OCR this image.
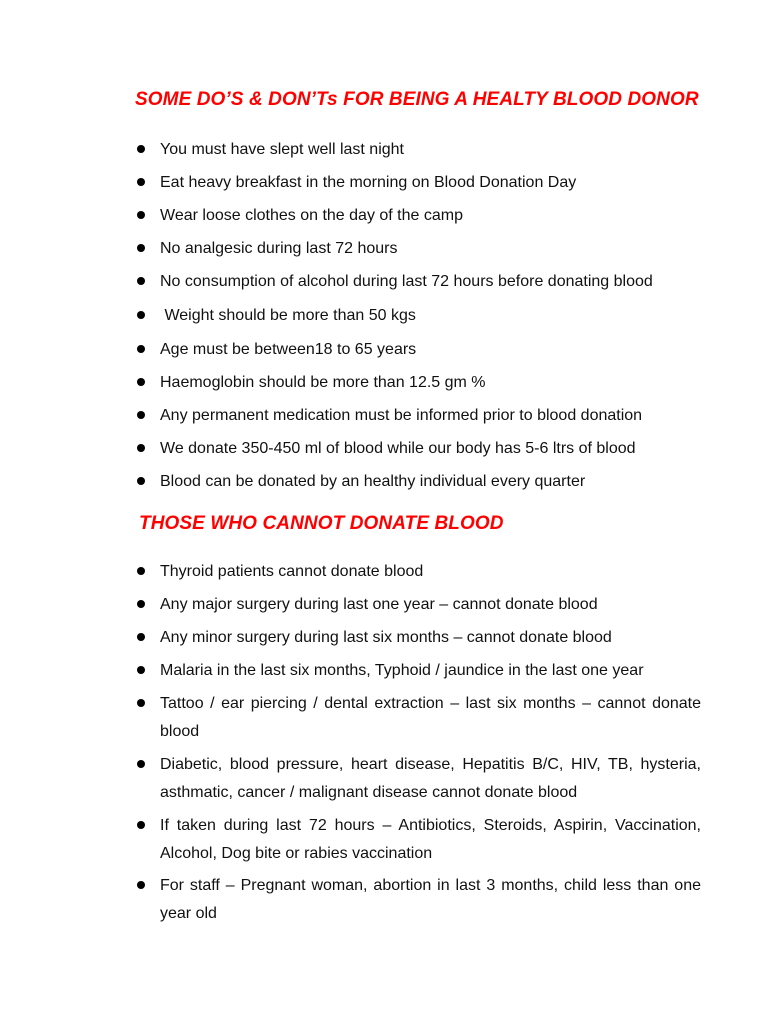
SOME DO’S & DON’Ts FOR BEING A HEALTY BLOOD DONOR
You must have slept well last night
Eat heavy breakfast in the morning on Blood Donation Day
Wear loose clothes on the day of the camp
No analgesic during last 72 hours
No consumption of alcohol during last 72 hours before donating blood
Weight should be more than 50 kgs
Age must be between18 to 65 years
Haemoglobin should be more than 12.5 gm %
Any permanent medication must be informed prior to blood donation
We donate 350-450 ml of blood while our body has 5-6 ltrs of blood
Blood can be donated by an healthy individual every quarter
THOSE WHO CANNOT DONATE BLOOD
Thyroid patients cannot donate blood
Any major surgery during last one year – cannot donate blood
Any minor surgery during last six months – cannot donate blood
Malaria in the last six months, Typhoid / jaundice in the last one year
Tattoo / ear piercing / dental extraction – last six months – cannot donate blood
Diabetic, blood pressure, heart disease, Hepatitis B/C, HIV, TB, hysteria, asthmatic, cancer / malignant disease cannot donate blood
If taken during last 72 hours – Antibiotics, Steroids, Aspirin, Vaccination, Alcohol, Dog bite or rabies vaccination
For staff – Pregnant woman, abortion in last 3 months, child less than one year old
